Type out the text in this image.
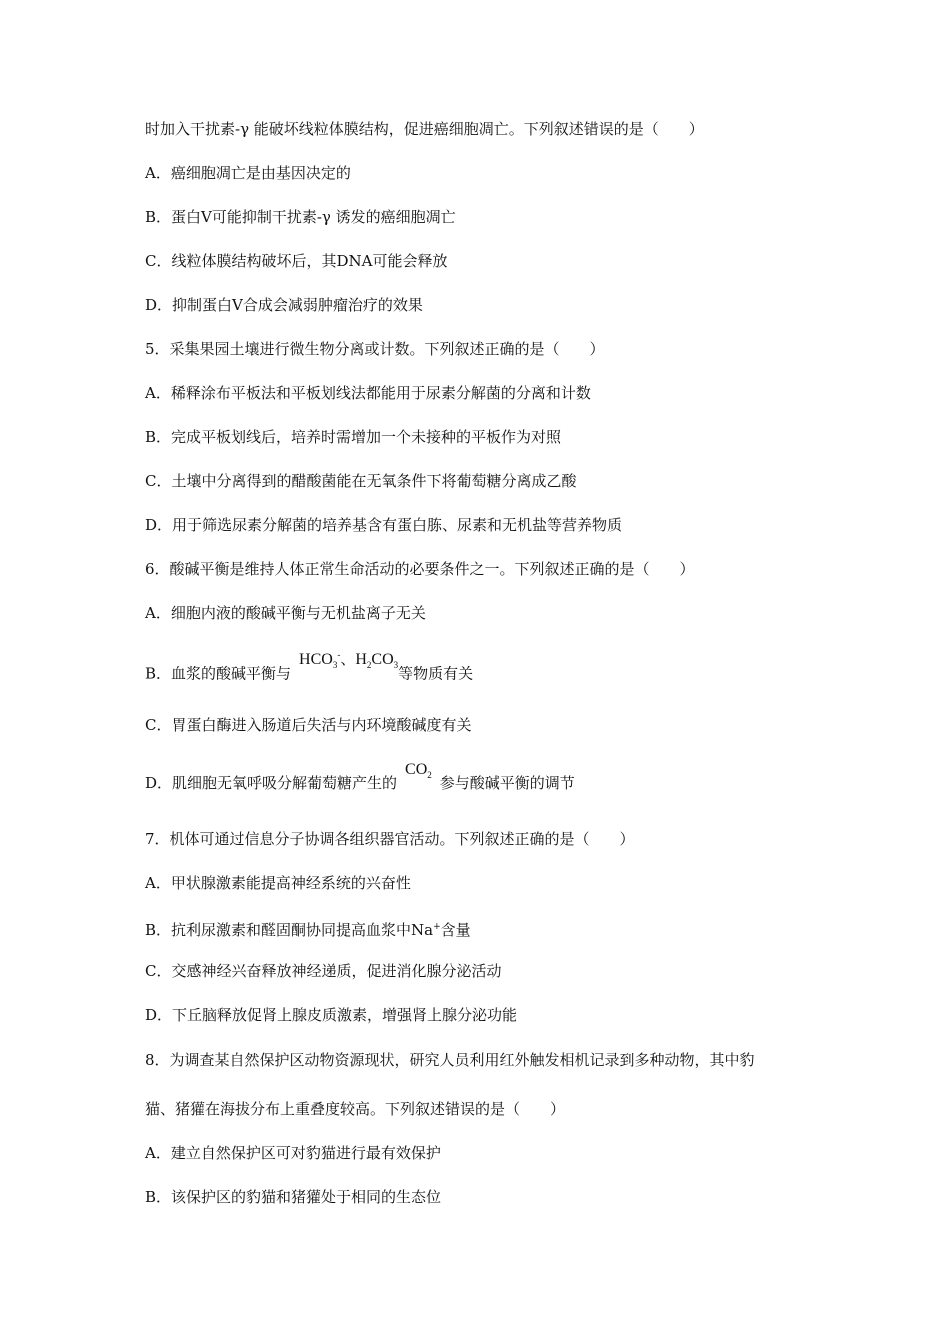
时加入干扰素-γ 能破坏线粒体膜结构，促进癌细胞凋亡。下列叙述错误的是（　　）
A．癌细胞凋亡是由基因决定的
B．蛋白V可能抑制干扰素-γ 诱发的癌细胞凋亡
C．线粒体膜结构破坏后，其DNA可能会释放
D．抑制蛋白V合成会减弱肿瘤治疗的效果
5．采集果园土壤进行微生物分离或计数。下列叙述正确的是（　　）
A．稀释涂布平板法和平板划线法都能用于尿素分解菌的分离和计数
B．完成平板划线后，培养时需增加一个未接种的平板作为对照
C．土壤中分离得到的醋酸菌能在无氧条件下将葡萄糖分离成乙酸
D．用于筛选尿素分解菌的培养基含有蛋白胨、尿素和无机盐等营养物质
6．酸碱平衡是维持人体正常生命活动的必要条件之一。下列叙述正确的是（　　）
A．细胞内液的酸碱平衡与无机盐离子无关
B．血浆的酸碱平衡与$HCO_3^-$、$H_2CO_3$等物质有关
C．胃蛋白酶进入肠道后失活与内环境酸碱度有关
D．肌细胞无氧呼吸分解葡萄糖产生的$CO_2$ 参与酸碱平衡的调节
7．机体可通过信息分子协调各组织器官活动。下列叙述正确的是（　　）
A．甲状腺激素能提高神经系统的兴奋性
B．抗利尿激素和醛固酮协同提高血浆中Na+含量
C．交感神经兴奋释放神经递质，促进消化腺分泌活动
D．下丘脑释放促肾上腺皮质激素，增强肾上腺分泌功能
8．为调查某自然保护区动物资源现状，研究人员利用红外触发相机记录到多种动物，其中豹
猫、猪獾在海拔分布上重叠度较高。下列叙述错误的是（　　）
A．建立自然保护区可对豹猫进行最有效保护
B．该保护区的豹猫和猪獾处于相同的生态位
